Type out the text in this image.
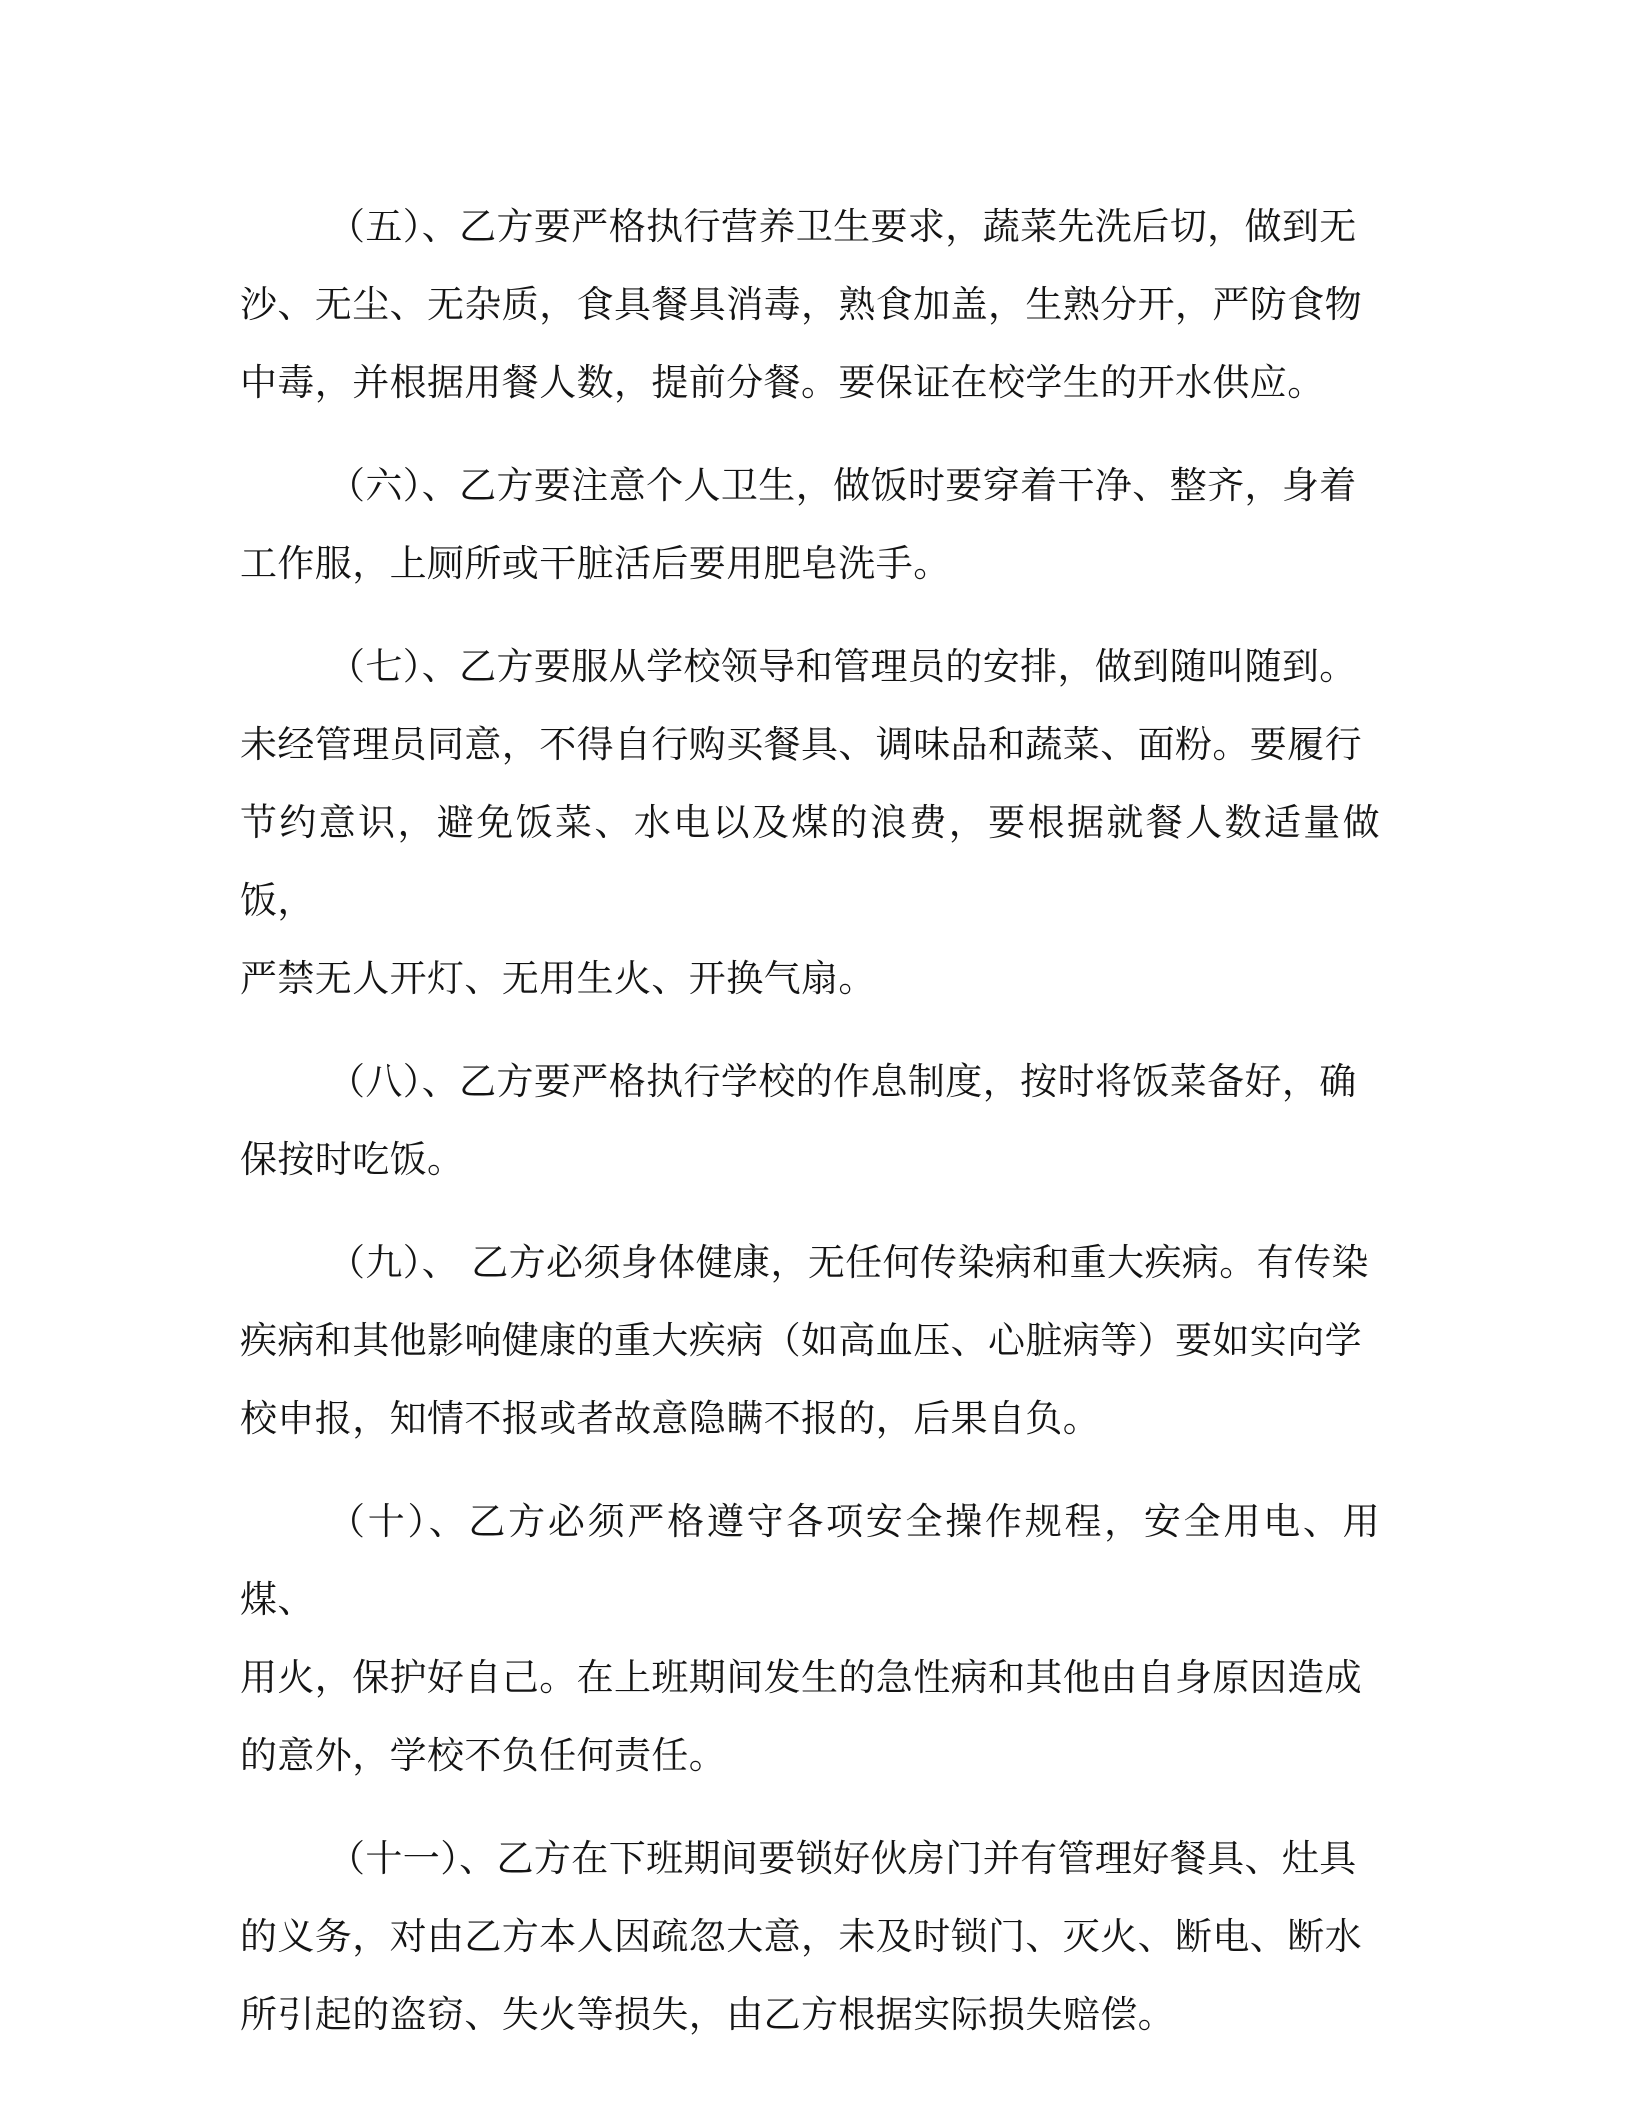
（五）、乙方要严格执行营养卫生要求，蔬菜先洗后切，做到无
沙、无尘、无杂质，食具餐具消毒，熟食加盖，生熟分开，严防食物
中毒，并根据用餐人数，提前分餐。要保证在校学生的开水供应。

（六）、乙方要注意个人卫生，做饭时要穿着干净、整齐，身着
工作服，上厕所或干脏活后要用肥皂洗手。

（七）、乙方要服从学校领导和管理员的安排，做到随叫随到。
未经管理员同意，不得自行购买餐具、调味品和蔬菜、面粉。要履行
节约意识，避免饭菜、水电以及煤的浪费，要根据就餐人数适量做饭，
严禁无人开灯、无用生火、开换气扇。

（八）、乙方要严格执行学校的作息制度，按时将饭菜备好，确
保按时吃饭。

（九）、 乙方必须身体健康，无任何传染病和重大疾病。有传染
疾病和其他影响健康的重大疾病（如高血压、心脏病等）要如实向学
校申报，知情不报或者故意隐瞒不报的，后果自负。

（十）、乙方必须严格遵守各项安全操作规程，安全用电、用煤、
用火，保护好自己。在上班期间发生的急性病和其他由自身原因造成
的意外，学校不负任何责任。

（十一）、乙方在下班期间要锁好伙房门并有管理好餐具、灶具
的义务，对由乙方本人因疏忽大意，未及时锁门、灭火、断电、断水
所引起的盗窃、失火等损失，由乙方根据实际损失赔偿。
